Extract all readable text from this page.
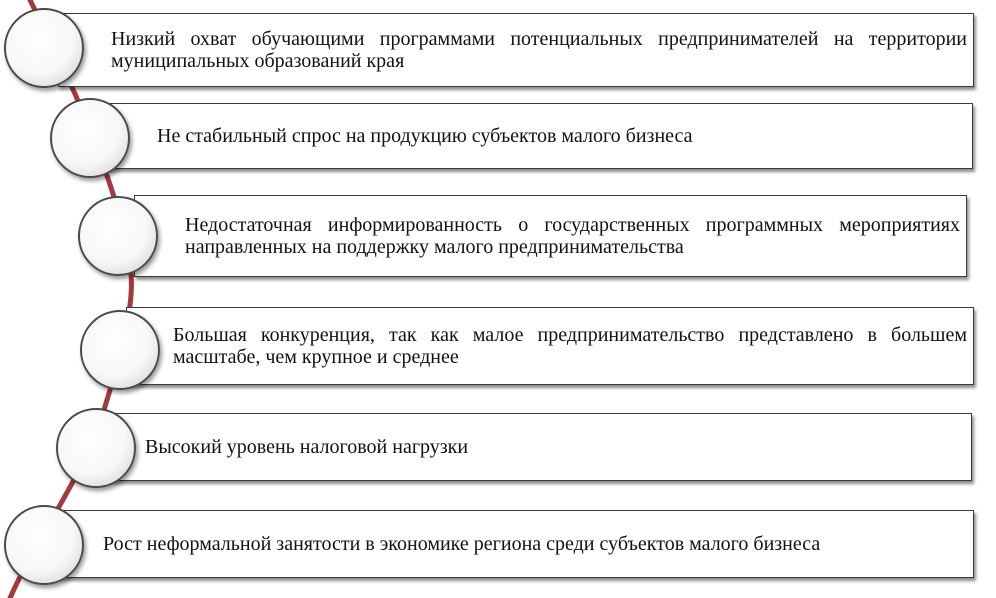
Низкий охват обучающими программами потенциальных предпринимателей на территории муниципальных образований края
Не стабильный спрос на продукцию субъектов малого бизнеса
Недостаточная информированность о государственных программных мероприятиях направленных на поддержку малого предпринимательства
Большая конкуренция, так как малое предпринимательство представлено в большем масштабе, чем крупное и среднее
Высокий уровень налоговой нагрузки
Рост неформальной занятости в экономике региона среди субъектов малого бизнеса
